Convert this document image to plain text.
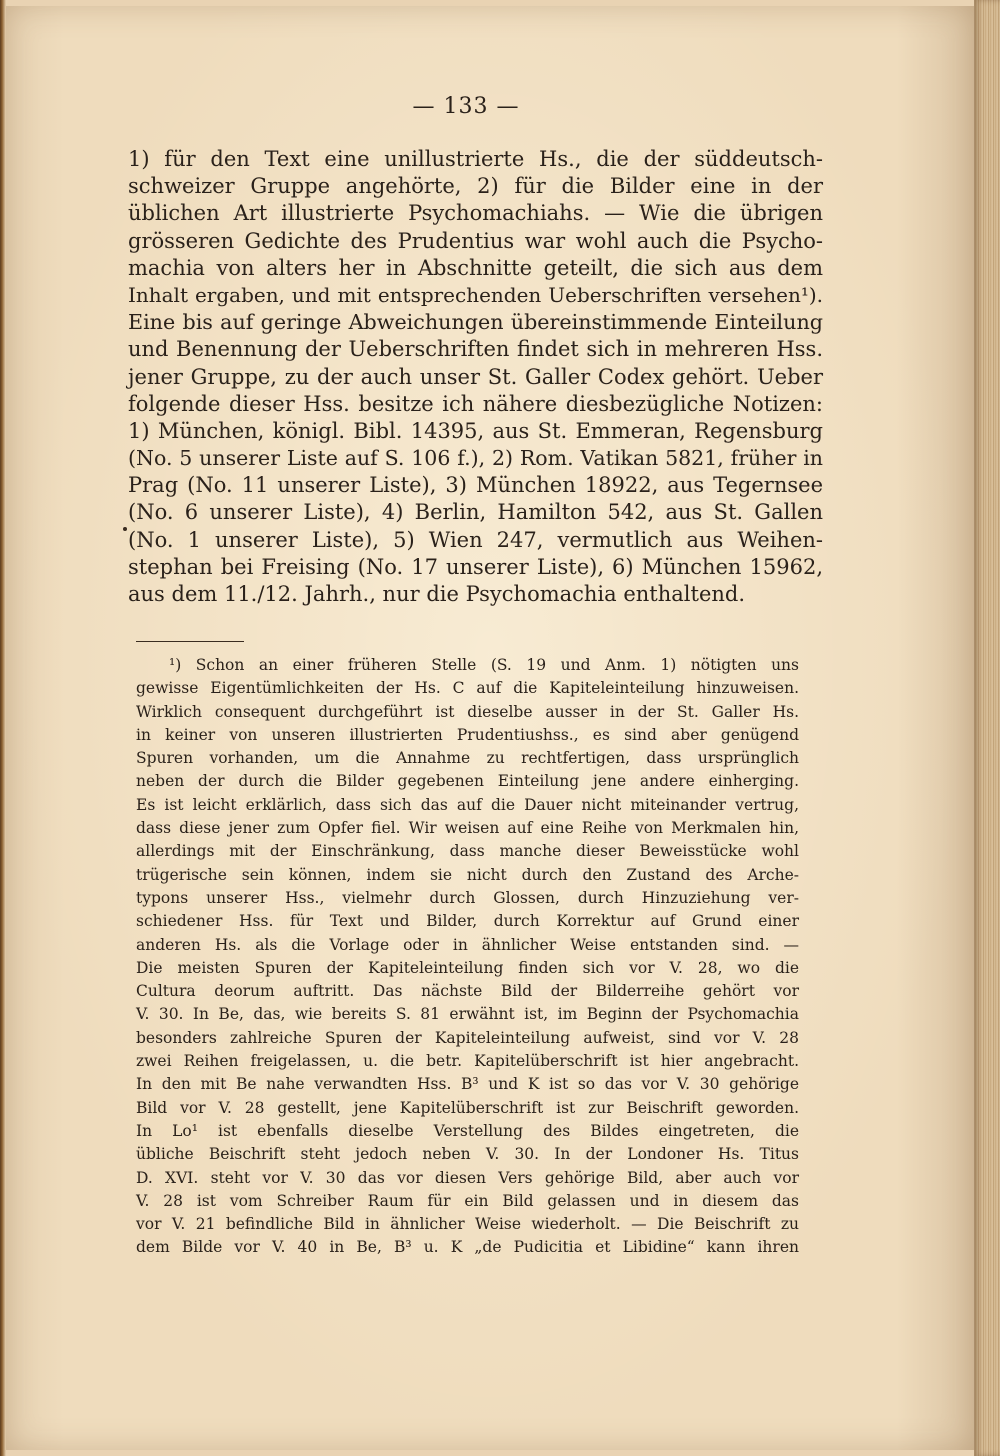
— 133 —
1) für den Text eine unillustrierte Hs., die der süddeutsch-
schweizer Gruppe angehörte, 2) für die Bilder eine in der
üblichen Art illustrierte Psychomachiahs. — Wie die übrigen
grösseren Gedichte des Prudentius war wohl auch die Psycho-
machia von alters her in Abschnitte geteilt, die sich aus dem
Inhalt ergaben, und mit entsprechenden Ueberschriften versehen¹).
Eine bis auf geringe Abweichungen übereinstimmende Einteilung
und Benennung der Ueberschriften findet sich in mehreren Hss.
jener Gruppe, zu der auch unser St. Galler Codex gehört. Ueber
folgende dieser Hss. besitze ich nähere diesbezügliche Notizen:
1) München, königl. Bibl. 14395, aus St. Emmeran, Regensburg
(No. 5 unserer Liste auf S. 106 f.), 2) Rom. Vatikan 5821, früher in
Prag (No. 11 unserer Liste), 3) München 18922, aus Tegernsee
(No. 6 unserer Liste), 4) Berlin, Hamilton 542, aus St. Gallen
(No. 1 unserer Liste), 5) Wien 247, vermutlich aus Weihen-
stephan bei Freising (No. 17 unserer Liste), 6) München 15962,
aus dem 11./12. Jahrh., nur die Psychomachia enthaltend.
¹) Schon an einer früheren Stelle (S. 19 und Anm. 1) nötigten uns
gewisse Eigentümlichkeiten der Hs. C auf die Kapiteleinteilung hinzuweisen.
Wirklich consequent durchgeführt ist dieselbe ausser in der St. Galler Hs.
in keiner von unseren illustrierten Prudentiushss., es sind aber genügend
Spuren vorhanden, um die Annahme zu rechtfertigen, dass ursprünglich
neben der durch die Bilder gegebenen Einteilung jene andere einherging.
Es ist leicht erklärlich, dass sich das auf die Dauer nicht miteinander vertrug,
dass diese jener zum Opfer fiel. Wir weisen auf eine Reihe von Merkmalen hin,
allerdings mit der Einschränkung, dass manche dieser Beweisstücke wohl
trügerische sein können, indem sie nicht durch den Zustand des Arche-
typons unserer Hss., vielmehr durch Glossen, durch Hinzuziehung ver-
schiedener Hss. für Text und Bilder, durch Korrektur auf Grund einer
anderen Hs. als die Vorlage oder in ähnlicher Weise entstanden sind. —
Die meisten Spuren der Kapiteleinteilung finden sich vor V. 28, wo die
Cultura deorum auftritt. Das nächste Bild der Bilderreihe gehört vor
V. 30. In Be, das, wie bereits S. 81 erwähnt ist, im Beginn der Psychomachia
besonders zahlreiche Spuren der Kapiteleinteilung aufweist, sind vor V. 28
zwei Reihen freigelassen, u. die betr. Kapitelüberschrift ist hier angebracht.
In den mit Be nahe verwandten Hss. B³ und K ist so das vor V. 30 gehörige
Bild vor V. 28 gestellt, jene Kapitelüberschrift ist zur Beischrift geworden.
In Lo¹ ist ebenfalls dieselbe Verstellung des Bildes eingetreten, die
übliche Beischrift steht jedoch neben V. 30. In der Londoner Hs. Titus
D. XVI. steht vor V. 30 das vor diesen Vers gehörige Bild, aber auch vor
V. 28 ist vom Schreiber Raum für ein Bild gelassen und in diesem das
vor V. 21 befindliche Bild in ähnlicher Weise wiederholt. — Die Beischrift zu
dem Bilde vor V. 40 in Be, B³ u. K „de Pudicitia et Libidine“ kann ihren
